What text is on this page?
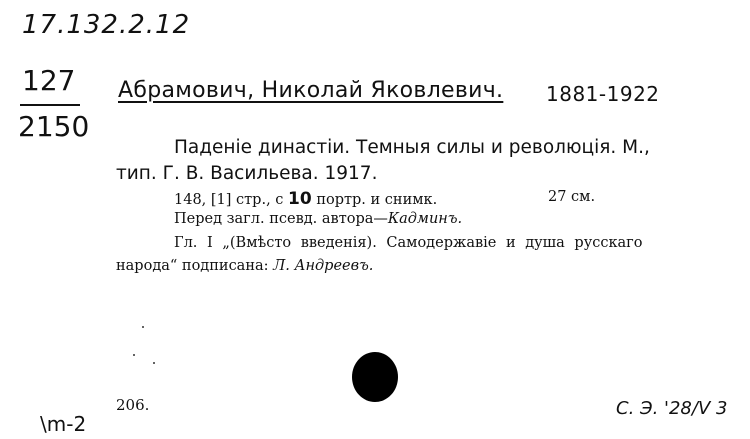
17.132.2.12
127
2150
Абрамович, Николай Яковлевич. 1881-1922
Паденiе династiи. Темныя силы и революцiя. М.,
тип. Г. В. Васильева. 1917.
148, [1] стр., с 10 портр. и снимк.	27 см.
Перед загл. псевд. автора—Кадминъ.
Гл. I „(Вмѣсто введенiя). Самодержавiе и душа русскаго
народа“ подписана: Л. Андреевъ.
206.
\m-2
С. Э. '28/Ⅴ 3
